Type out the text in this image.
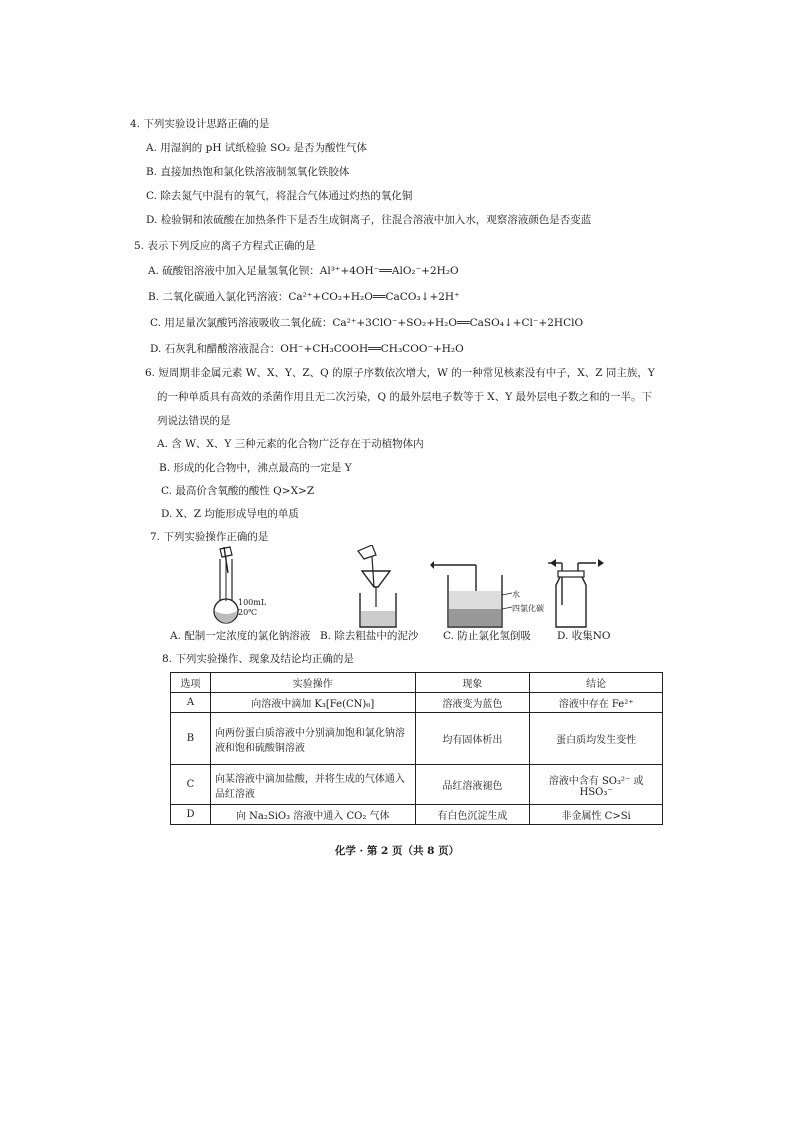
4. 下列实验设计思路正确的是
A. 用湿润的 pH 试纸检验 SO₂ 是否为酸性气体
B. 直接加热饱和氯化铁溶液制氢氧化铁胶体
C. 除去氮气中混有的氧气，将混合气体通过灼热的氧化铜
D. 检验铜和浓硫酸在加热条件下是否生成铜离子，往混合溶液中加入水，观察溶液颜色是否变蓝
5. 表示下列反应的离子方程式正确的是
A. 硫酸铝溶液中加入足量氢氧化钡：Al³⁺+4OH⁻══AlO₂⁻+2H₂O
B. 二氧化碳通入氯化钙溶液：Ca²⁺+CO₂+H₂O══CaCO₃↓+2H⁺
C. 用足量次氯酸钙溶液吸收二氧化硫：Ca²⁺+3ClO⁻+SO₂+H₂O══CaSO₄↓+Cl⁻+2HClO
D. 石灰乳和醋酸溶液混合：OH⁻+CH₃COOH══CH₃COO⁻+H₂O
6. 短周期非金属元素 W、X、Y、Z、Q 的原子序数依次增大，W 的一种常见核素没有中子，X、Z 同主族，Y
的一种单质具有高效的杀菌作用且无二次污染，Q 的最外层电子数等于 X、Y 最外层电子数之和的一半。下
列说法错误的是
A. 含 W、X、Y 三种元素的化合物广泛存在于动植物体内
B. 形成的化合物中，沸点最高的一定是 Y
C. 最高价含氧酸的酸性 Q>X>Z
D. X、Z 均能形成导电的单质
7. 下列实验操作正确的是
100mL
20℃
水
四氯化碳
A. 配制一定浓度的氯化钠溶液 B. 除去粗盐中的泥沙 C. 防止氯化氢倒吸 D. 收集NO
8. 下列实验操作、现象及结论均正确的是
选项	实验操作	现象	结论
A	向溶液中滴加 K₃[Fe(CN)₆]	溶液变为蓝色	溶液中存在 Fe²⁺
B	向两份蛋白质溶液中分别滴加饱和氯化钠溶
液和饱和硫酸铜溶液	均有固体析出	蛋白质均发生变性
C	向某溶液中滴加盐酸，并将生成的气体通入
品红溶液	品红溶液褪色	溶液中含有 SO₃²⁻ 或 HSO₃⁻
D	向 Na₂SiO₃ 溶液中通入 CO₂ 气体	有白色沉淀生成	非金属性 C>Si
化学 · 第 2 页（共 8 页）
